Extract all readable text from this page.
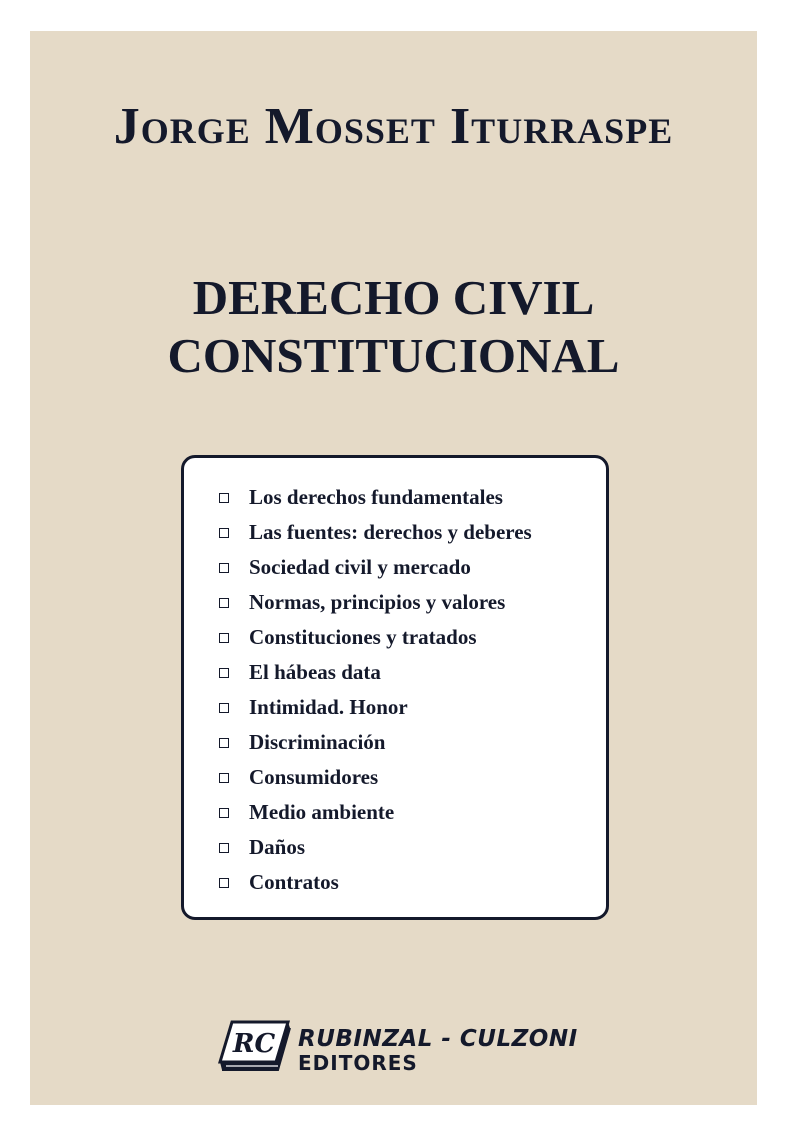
Jorge Mosset Iturraspe
DERECHO CIVIL
CONSTITUCIONAL
Los derechos fundamentales
Las fuentes: derechos y deberes
Sociedad civil y mercado
Normas, principios y valores
Constituciones y tratados
El hábeas data
Intimidad. Honor
Discriminación
Consumidores
Medio ambiente
Daños
Contratos
RC RUBINZAL - CULZONI
EDITORES
